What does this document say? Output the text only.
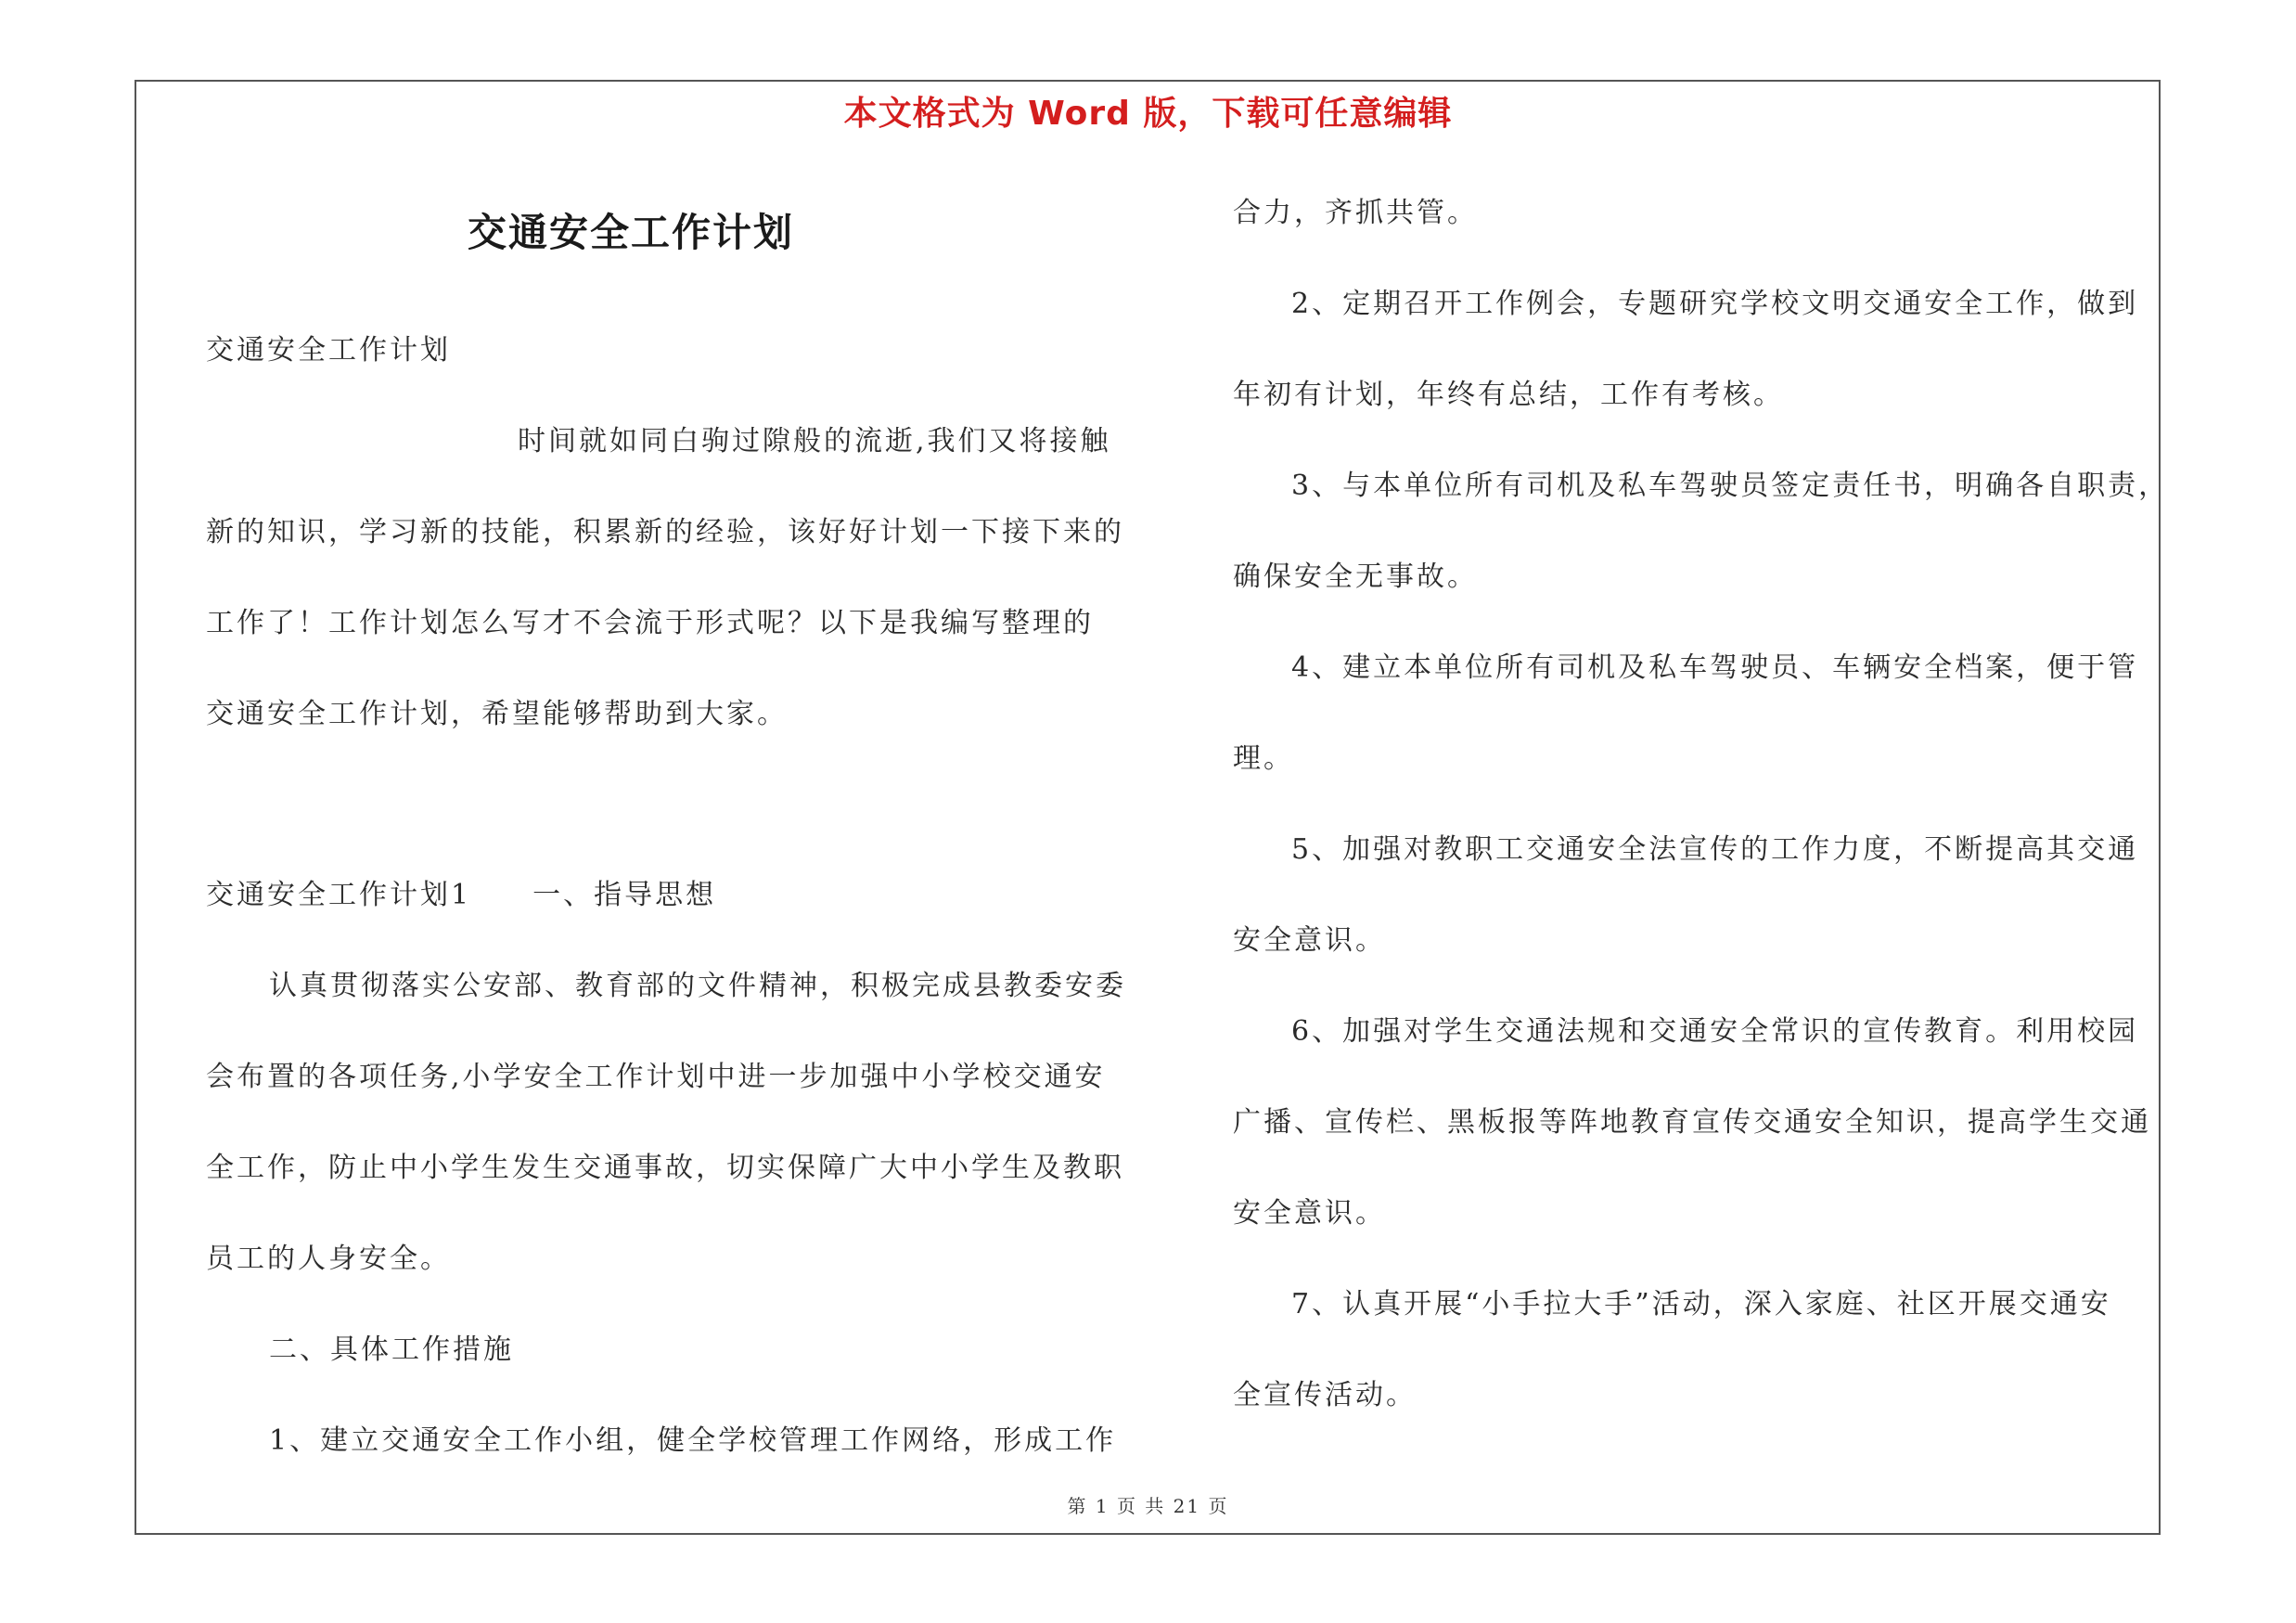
本文格式为 Word 版，下载可任意编辑
交通安全工作计划
交通安全工作计划
时间就如同白驹过隙般的流逝,我们又将接触
新的知识，学习新的技能，积累新的经验，该好好计划一下接下来的
工作了！工作计划怎么写才不会流于形式呢？以下是我编写整理的
交通安全工作计划，希望能够帮助到大家。
交通安全工作计划1　　一、指导思想
认真贯彻落实公安部、教育部的文件精神，积极完成县教委安委
会布置的各项任务,小学安全工作计划中进一步加强中小学校交通安
全工作，防止中小学生发生交通事故，切实保障广大中小学生及教职
员工的人身安全。
二、具体工作措施
1、建立交通安全工作小组，健全学校管理工作网络，形成工作
合力，齐抓共管。
2、定期召开工作例会，专题研究学校文明交通安全工作，做到
年初有计划，年终有总结，工作有考核。
3、与本单位所有司机及私车驾驶员签定责任书，明确各自职责，
确保安全无事故。
4、建立本单位所有司机及私车驾驶员、车辆安全档案，便于管
理。
5、加强对教职工交通安全法宣传的工作力度，不断提高其交通
安全意识。
6、加强对学生交通法规和交通安全常识的宣传教育。利用校园
广播、宣传栏、黑板报等阵地教育宣传交通安全知识，提高学生交通
安全意识。
7、认真开展“小手拉大手”活动，深入家庭、社区开展交通安
全宣传活动。
第 1 页 共 21 页
